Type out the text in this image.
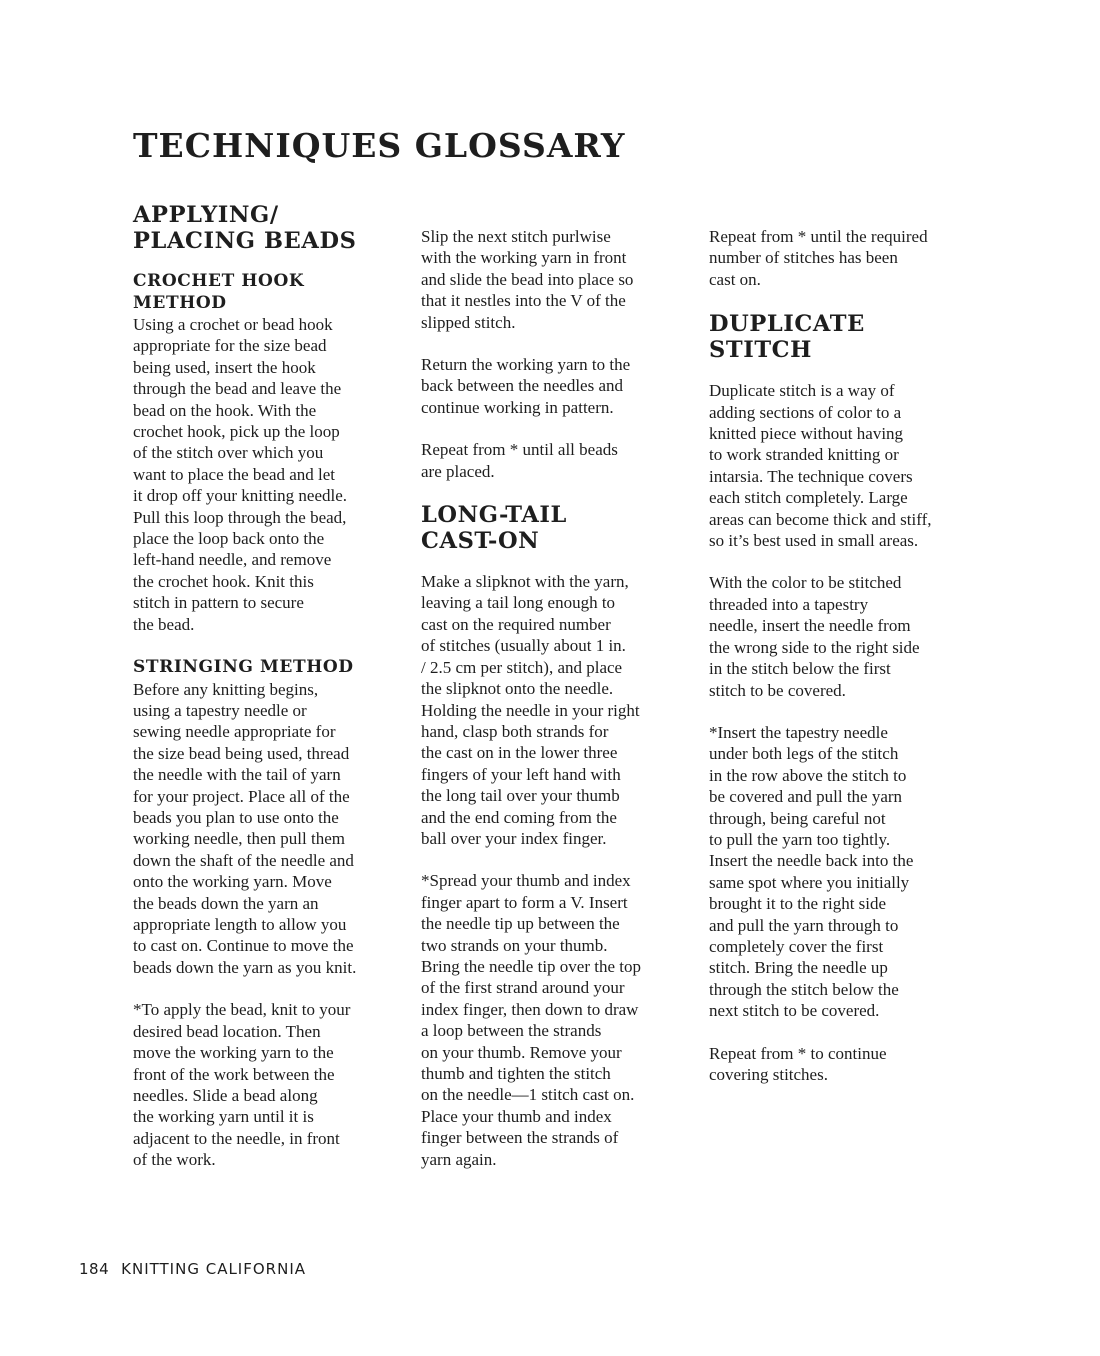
TECHNIQUES GLOSSARY
APPLYING/
PLACING BEADS
CROCHET HOOK
METHOD

Using a crochet or bead hook
appropriate for the size bead
being used, insert the hook
through the bead and leave the
bead on the hook. With the
crochet hook, pick up the loop
of the stitch over which you
want to place the bead and let
it drop off your knitting needle.
Pull this loop through the bead,
place the loop back onto the
left-hand needle, and remove
the crochet hook. Knit this
stitch in pattern to secure
the bead.

STRINGING METHOD

Before any knitting begins,
using a tapestry needle or
sewing needle appropriate for
the size bead being used, thread
the needle with the tail of yarn
for your project. Place all of the
beads you plan to use onto the
working needle, then pull them
down the shaft of the needle and
onto the working yarn. Move
the beads down the yarn an
appropriate length to allow you
to cast on. Continue to move the
beads down the yarn as you knit.

*To apply the bead, knit to your
desired bead location. Then
move the working yarn to the
front of the work between the
needles. Slide a bead along
the working yarn until it is
adjacent to the needle, in front
of the work.

Slip the next stitch purlwise
with the working yarn in front
and slide the bead into place so
that it nestles into the V of the
slipped stitch.

Return the working yarn to the
back between the needles and
continue working in pattern.

Repeat from * until all beads
are placed.

LONG-TAIL
CAST-ON

Make a slipknot with the yarn,
leaving a tail long enough to
cast on the required number
of stitches (usually about 1 in.
/ 2.5 cm per stitch), and place
the slipknot onto the needle.
Holding the needle in your right
hand, clasp both strands for
the cast on in the lower three
fingers of your left hand with
the long tail over your thumb
and the end coming from the
ball over your index finger.

*Spread your thumb and index
finger apart to form a V. Insert
the needle tip up between the
two strands on your thumb.
Bring the needle tip over the top
of the first strand around your
index finger, then down to draw
a loop between the strands
on your thumb. Remove your
thumb and tighten the stitch
on the needle—1 stitch cast on.
Place your thumb and index
finger between the strands of
yarn again.

Repeat from * until the required
number of stitches has been
cast on.

DUPLICATE
STITCH

Duplicate stitch is a way of
adding sections of color to a
knitted piece without having
to work stranded knitting or
intarsia. The technique covers
each stitch completely. Large
areas can become thick and stiff,
so it’s best used in small areas.

With the color to be stitched
threaded into a tapestry
needle, insert the needle from
the wrong side to the right side
in the stitch below the first
stitch to be covered.

*Insert the tapestry needle
under both legs of the stitch
in the row above the stitch to
be covered and pull the yarn
through, being careful not
to pull the yarn too tightly.
Insert the needle back into the
same spot where you initially
brought it to the right side
and pull the yarn through to
completely cover the first
stitch. Bring the needle up
through the stitch below the
next stitch to be covered.

Repeat from * to continue
covering stitches.

184 KNITTING CALIFORNIA
